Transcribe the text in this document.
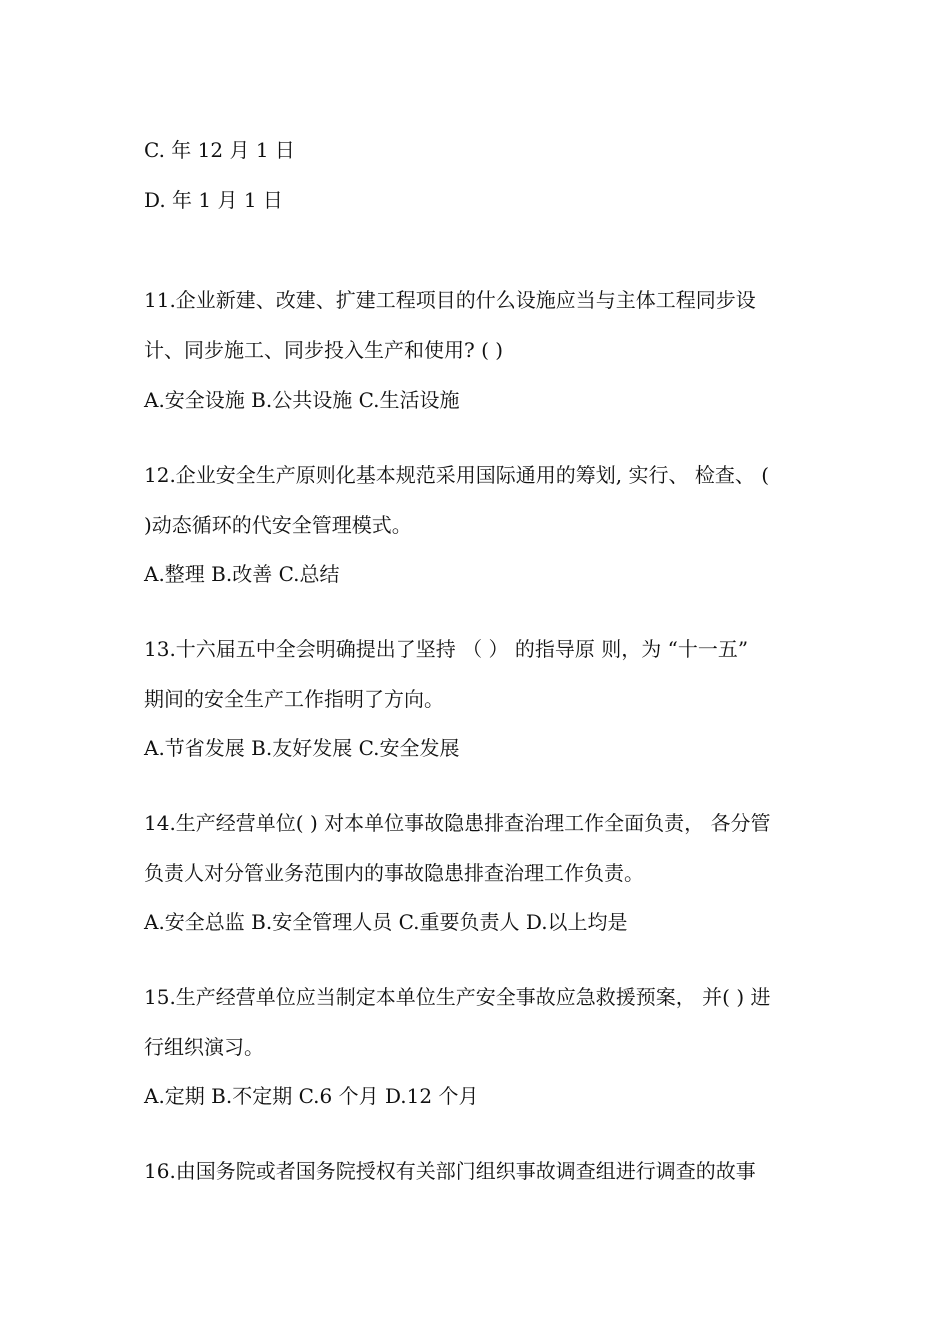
C. 年 12 月 1 日
D. 年 1 月 1 日
11.企业新建、改建、扩建工程项目的什么设施应当与主体工程同步设
计、同步施工、同步投入生产和使用? ( )
A.安全设施 B.公共设施 C.生活设施
12.企业安全生产原则化基本规范采用国际通用的筹划, 实行、 检查、 (
)动态循环的代安全管理模式。
A.整理 B.改善 C.总结
13.十六届五中全会明确提出了坚持 （ ） 的指导原 则，为 “十一五”
期间的安全生产工作指明了方向。
A.节省发展 B.友好发展 C.安全发展
14.生产经营单位( ) 对本单位事故隐患排查治理工作全面负责， 各分管
负责人对分管业务范围内的事故隐患排查治理工作负责。
A.安全总监 B.安全管理人员 C.重要负责人 D.以上均是
15.生产经营单位应当制定本单位生产安全事故应急救援预案， 并( ) 进
行组织演习。
A.定期 B.不定期 C.6 个月 D.12 个月
16.由国务院或者国务院授权有关部门组织事故调查组进行调查的故事
